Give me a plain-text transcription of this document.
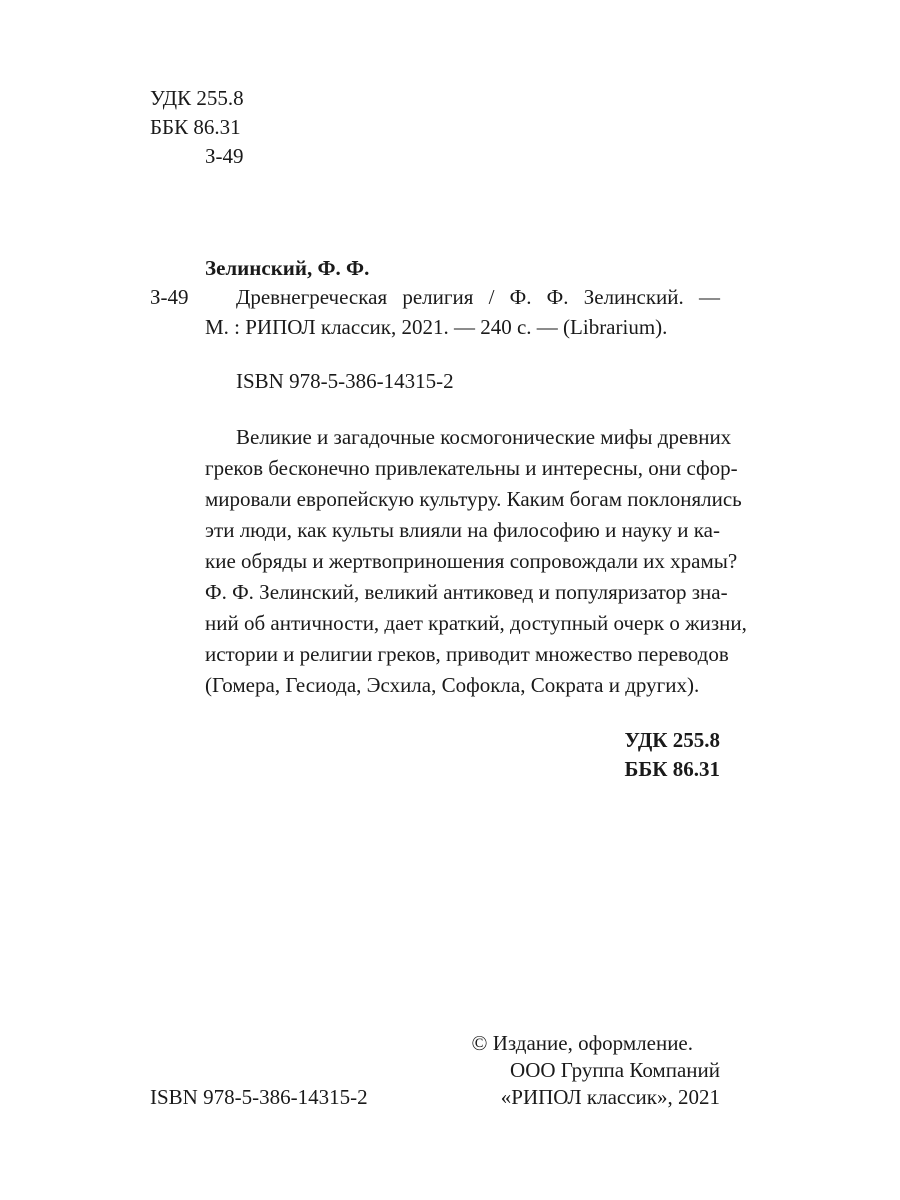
УДК 255.8
ББК 86.31
З-49
Зелинский, Ф. Ф.
З-49 Древнегреческая религия / Ф. Ф. Зелинский. —
М. : РИПОЛ классик, 2021. — 240 с. — (Librarium).
ISBN 978-5-386-14315-2
Великие и загадочные космогонические мифы древних
греков бесконечно привлекательны и интересны, они сфор-
мировали европейскую культуру. Каким богам поклонялись
эти люди, как культы влияли на философию и науку и ка-
кие обряды и жертвоприношения сопровождали их храмы?
Ф. Ф. Зелинский, великий антиковед и популяризатор зна-
ний об античности, дает краткий, доступный очерк о жизни,
истории и религии греков, приводит множество переводов
(Гомера, Гесиода, Эсхила, Софокла, Сократа и других).
УДК 255.8
ББК 86.31
ISBN 978-5-386-14315-2
© Издание, оформление.
ООО Группа Компаний
«РИПОЛ классик», 2021
